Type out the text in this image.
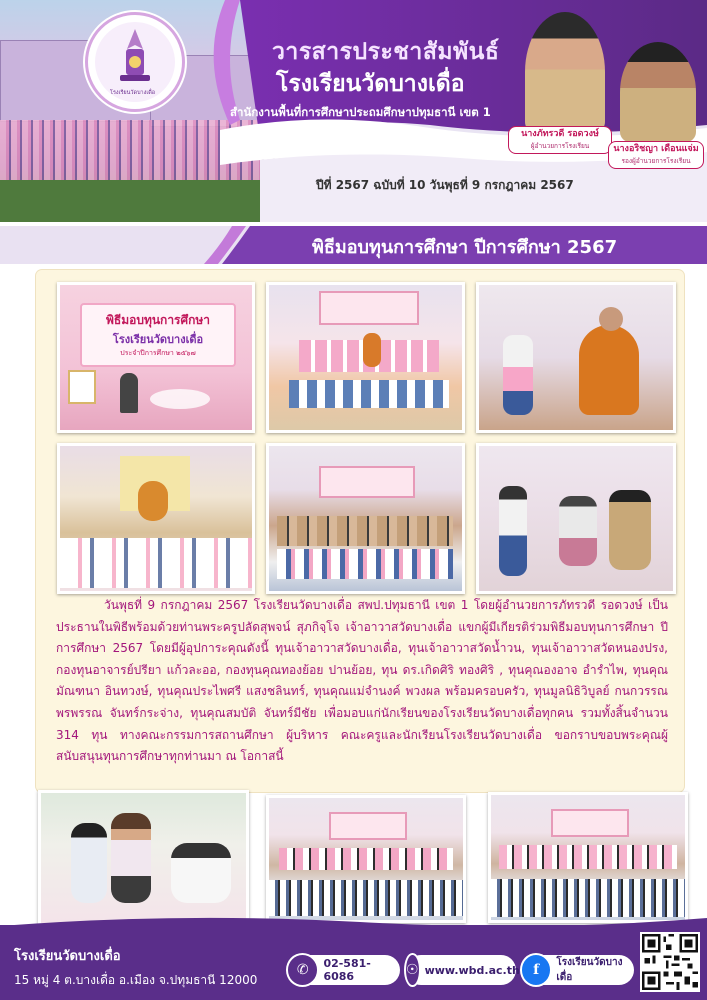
โรงเรียนวัดบางเดื่อ
วารสารประชาสัมพันธ์
โรงเรียนวัดบางเดื่อ
สำนักงานพื้นที่การศึกษาประถมศึกษาปทุมธานี เขต 1
WATBANGDUEA SCHOOL
ปีที่ 2567 ฉบับที่ 10 วันพุธที่ 9 กรกฎาคม 2567
นางภัทรวดี รอดวงษ์
ผู้อำนวยการโรงเรียน	นางอริชญา เดือนแจ่ม
รองผู้อำนวยการโรงเรียน
พิธีมอบทุนการศึกษา ปีการศึกษา 2567
พิธีมอบทุนการศึกษา
โรงเรียนวัดบางเดื่อ
ประจำปีการศึกษา ๒๕๖๗
วันพุธที่ 9 กรกฎาคม 2567 โรงเรียนวัดบางเดื่อ สพป.ปทุมธานี เขต 1 โดยผู้อำนวยการภัทรวดี รอดวงษ์ เป็นประธานในพิธีพร้อมด้วยท่านพระครูปลัดสุพจน์ สุภกิจฺโจ เจ้าอาวาสวัดบางเดื่อ แขกผู้มีเกียรติร่วมพิธีมอบทุนการศึกษา ปีการศึกษา 2567 โดยมีผู้อุปการะคุณดังนี้ ทุนเจ้าอาวาสวัดบางเดื่อ, ทุนเจ้าอาวาสวัดน้ำวน, ทุนเจ้าอาวาสวัดหนองปรง, กองทุนอาจารย์ปรียา แก้วละออ, กองทุนคุณทองย้อย ปานย้อย, ทุน ดร.เกิดศิริ ทองศิริ , ทุนคุณองอาจ อำรำไพ, ทุนคุณมัณฑนา อินทวงษ์, ทุนคุณประไพศรี แสงชลินทร์, ทุนคุณแม่จำนงค์ พวงผล พร้อมครอบครัว, ทุนมูลนิธิวิบูลย์ กนกวรรณ พรพรรณ จันทร์กระจ่าง, ทุนคุณสมบัติ จันทร์มีชัย เพื่อมอบแก่นักเรียนของโรงเรียนวัดบางเดื่อทุกคน รวมทั้งสิ้นจำนวน 314 ทุน ทางคณะกรรมการสถานศึกษา ผู้บริหาร คณะครูและนักเรียนโรงเรียนวัดบางเดื่อ ขอกราบขอบพระคุณผู้สนับสนุนทุนการศึกษาทุกท่านมา ณ โอกาสนี้
โรงเรียนวัดบางเดื่อ
15 หมู่ 4 ต.บางเดื่อ อ.เมือง จ.ปทุมธานี 12000
✆	02-581-6086	☉ www.wbd.ac.th f	โรงเรียนวัดบางเดื่อ
